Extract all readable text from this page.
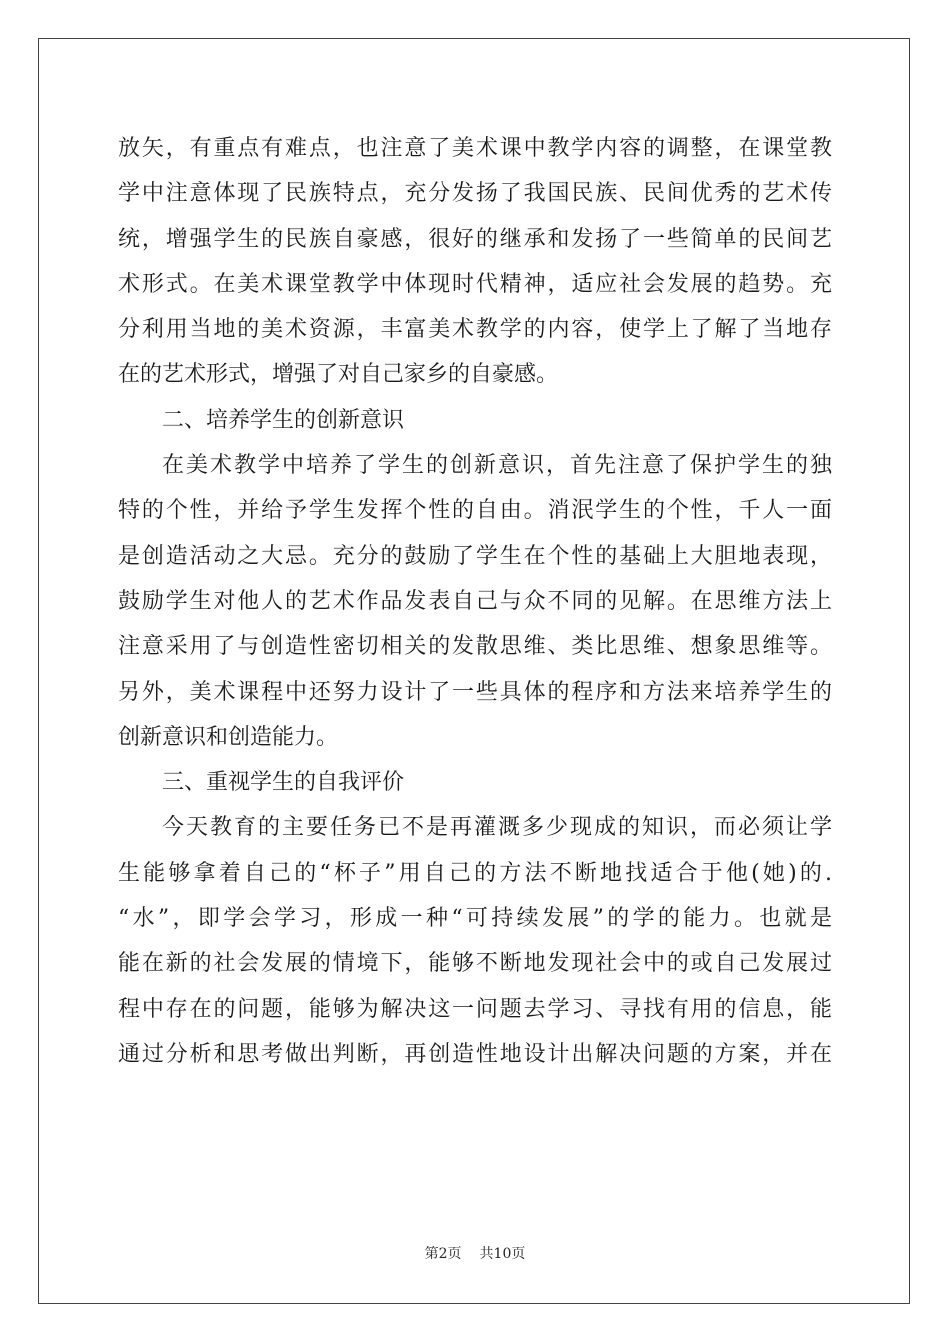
放矢，有重点有难点，也注意了美术课中教学内容的调整，在课堂教
学中注意体现了民族特点，充分发扬了我国民族、民间优秀的艺术传
统，增强学生的民族自豪感，很好的继承和发扬了一些简单的民间艺
术形式。在美术课堂教学中体现时代精神，适应社会发展的趋势。充
分利用当地的美术资源，丰富美术教学的内容，使学上了解了当地存
在的艺术形式，增强了对自己家乡的自豪感。
二、培养学生的创新意识
在美术教学中培养了学生的创新意识，首先注意了保护学生的独
特的个性，并给予学生发挥个性的自由。消泯学生的个性，千人一面
是创造活动之大忌。充分的鼓励了学生在个性的基础上大胆地表现，
鼓励学生对他人的艺术作品发表自己与众不同的见解。在思维方法上
注意采用了与创造性密切相关的发散思维、类比思维、想象思维等。
另外，美术课程中还努力设计了一些具体的程序和方法来培养学生的
创新意识和创造能力。
三、重视学生的自我评价
今天教育的主要任务已不是再灌溉多少现成的知识，而必须让学
生能够拿着自己的“杯子”用自己的方法不断地找适合于他(她)的.
“水”，即学会学习，形成一种“可持续发展”的学的能力。也就是
能在新的社会发展的情境下，能够不断地发现社会中的或自己发展过
程中存在的问题，能够为解决这一问题去学习、寻找有用的信息，能
通过分析和思考做出判断，再创造性地设计出解决问题的方案，并在
第2页 共10页
